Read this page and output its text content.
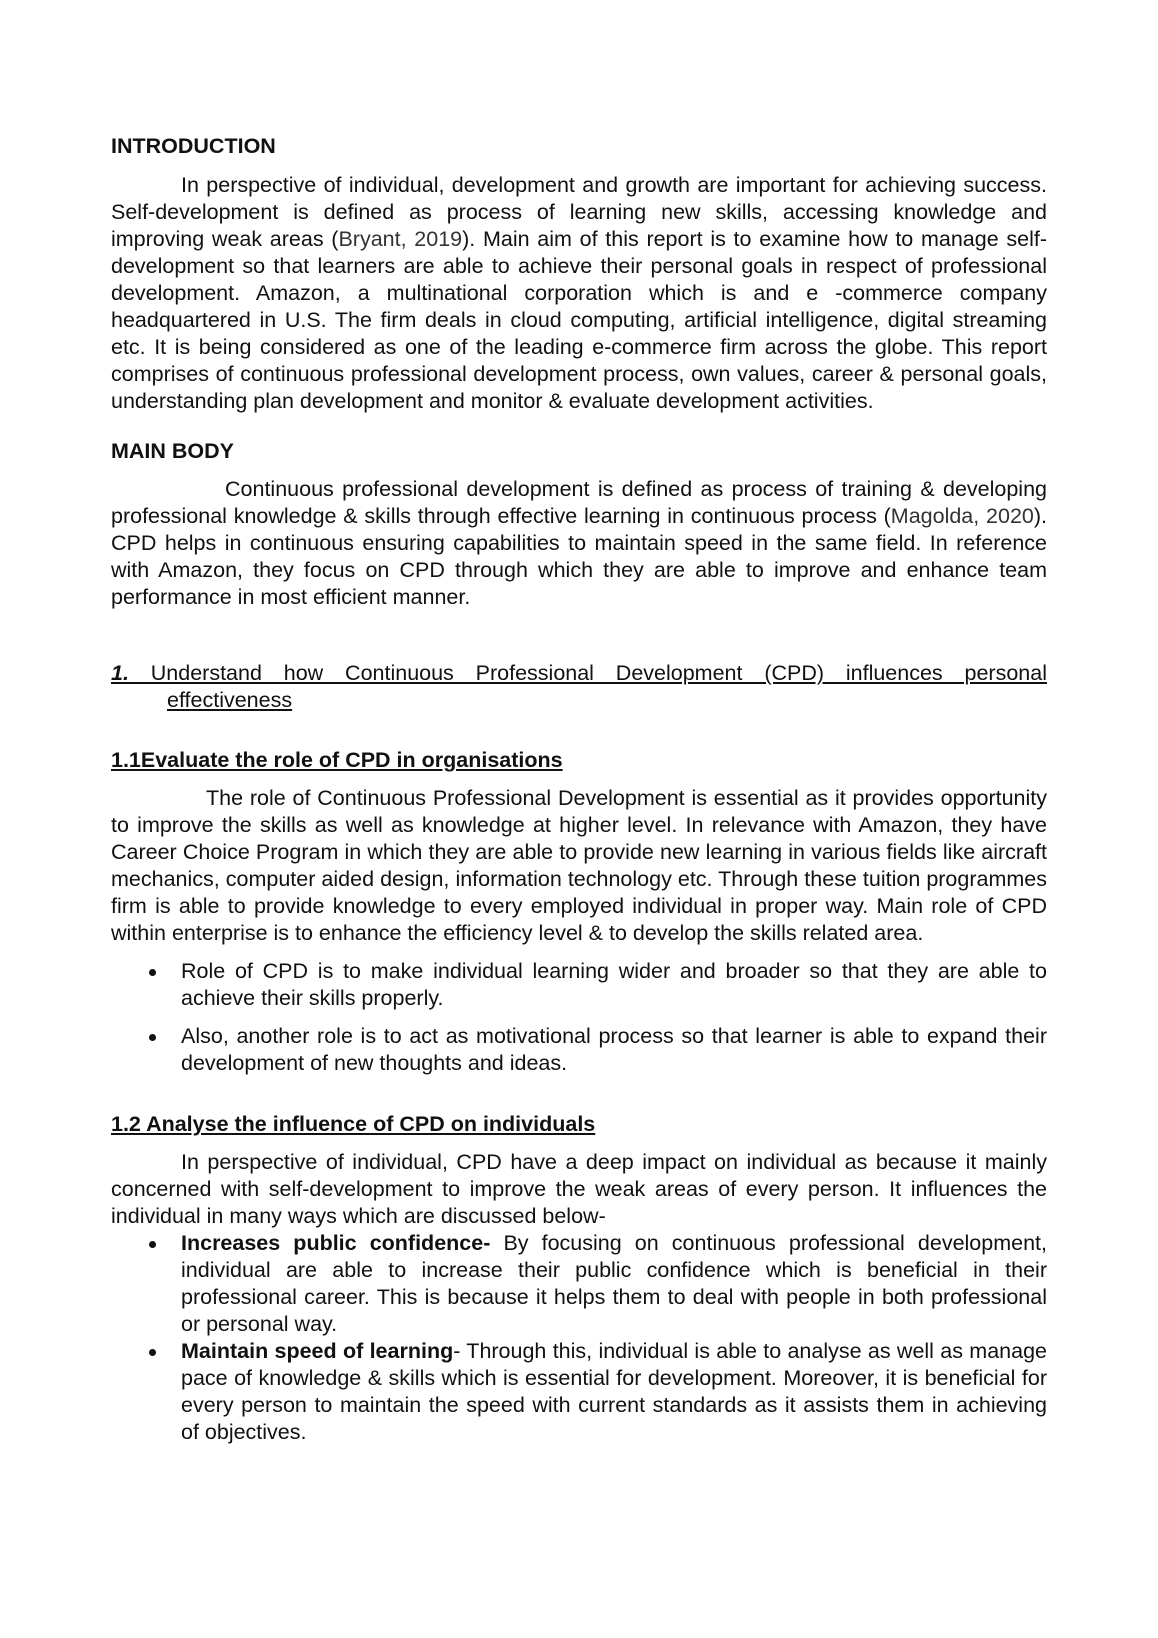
INTRODUCTION

In perspective of individual, development and growth are important for achieving success. Self-development is defined as process of learning new skills, accessing knowledge and improving weak areas (Bryant, 2019). Main aim of this report is to examine how to manage self-development so that learners are able to achieve their personal goals in respect of professional development. Amazon, a multinational corporation which is and e -commerce company headquartered in U.S. The firm deals in cloud computing, artificial intelligence, digital streaming etc. It is being considered as one of the leading e-commerce firm across the globe. This report comprises of continuous professional development process, own values, career & personal goals, understanding plan development and monitor & evaluate development activities.

MAIN BODY

Continuous professional development is defined as process of training & developing professional knowledge & skills through effective learning in continuous process (Magolda, 2020). CPD helps in continuous ensuring capabilities to maintain speed in the same field. In reference with Amazon, they focus on CPD through which they are able to improve and enhance team performance in most efficient manner.

1. Understand how Continuous Professional Development (CPD) influences personal effectiveness

1.1Evaluate the role of CPD in organisations

The role of Continuous Professional Development is essential as it provides opportunity to improve the skills as well as knowledge at higher level. In relevance with Amazon, they have Career Choice Program in which they are able to provide new learning in various fields like aircraft mechanics, computer aided design, information technology etc. Through these tuition programmes firm is able to provide knowledge to every employed individual in proper way. Main role of CPD within enterprise is to enhance the efficiency level & to develop the skills related area.

Role of CPD is to make individual learning wider and broader so that they are able to achieve their skills properly.
Also, another role is to act as motivational process so that learner is able to expand their development of new thoughts and ideas.
1.2 Analyse the influence of CPD on individuals

In perspective of individual, CPD have a deep impact on individual as because it mainly concerned with self-development to improve the weak areas of every person. It influences the individual in many ways which are discussed below-

Increases public confidence- By focusing on continuous professional development, individual are able to increase their public confidence which is beneficial in their professional career. This is because it helps them to deal with people in both professional or personal way.
Maintain speed of learning- Through this, individual is able to analyse as well as manage pace of knowledge & skills which is essential for development. Moreover, it is beneficial for every person to maintain the speed with current standards as it assists them in achieving of objectives.
